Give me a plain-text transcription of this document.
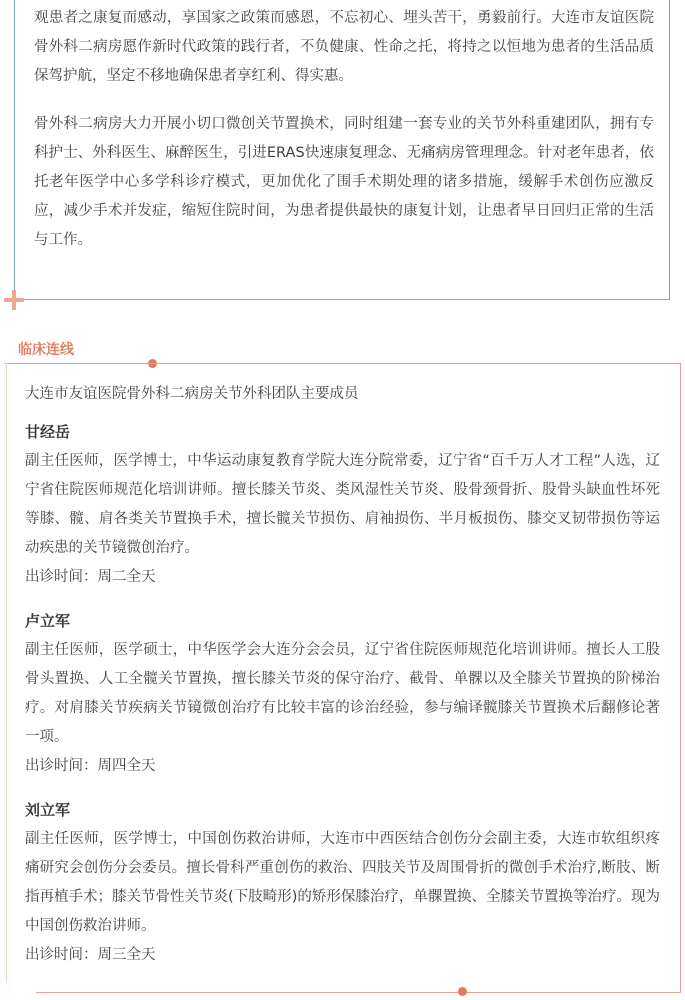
观患者之康复而感动，享国家之政策而感恩，不忘初心、埋头苦干，勇毅前行。大连市友谊医院骨外科二病房愿作新时代政策的践行者，不负健康、性命之托，将持之以恒地为患者的生活品质保驾护航，坚定不移地确保患者享红利、得实惠。

骨外科二病房大力开展小切口微创关节置换术，同时组建一套专业的关节外科重建团队，拥有专科护士、外科医生、麻醉医生，引进ERAS快速康复理念、无痛病房管理理念。针对老年患者，依托老年医学中心多学科诊疗模式，更加优化了围手术期处理的诸多措施，缓解手术创伤应激反应，减少手术并发症，缩短住院时间，为患者提供最快的康复计划，让患者早日回归正常的生活与工作。

临床连线

大连市友谊医院骨外科二病房关节外科团队主要成员

甘经岳

副主任医师，医学博士，中华运动康复教育学院大连分院常委，辽宁省“百千万人才工程”人选，辽宁省住院医师规范化培训讲师。擅长膝关节炎、类风湿性关节炎、股骨颈骨折、股骨头缺血性坏死等膝、髋、肩各类关节置换手术，擅长髋关节损伤、肩袖损伤、半月板损伤、膝交叉韧带损伤等运动疾患的关节镜微创治疗。

出诊时间：周二全天

卢立军

副主任医师，医学硕士，中华医学会大连分会会员，辽宁省住院医师规范化培训讲师。擅长人工股骨头置换、人工全髋关节置换，擅长膝关节炎的保守治疗、截骨、单髁以及全膝关节置换的阶梯治疗。对肩膝关节疾病关节镜微创治疗有比较丰富的诊治经验，参与编译髋膝关节置换术后翻修论著一项。

出诊时间：周四全天

刘立军

副主任医师，医学博士，中国创伤救治讲师，大连市中西医结合创伤分会副主委，大连市软组织疼痛研究会创伤分会委员。擅长骨科严重创伤的救治、四肢关节及周围骨折的微创手术治疗,断肢、断指再植手术；膝关节骨性关节炎(下肢畸形)的矫形保膝治疗，单髁置换、全膝关节置换等治疗。现为中国创伤救治讲师。

出诊时间：周三全天
